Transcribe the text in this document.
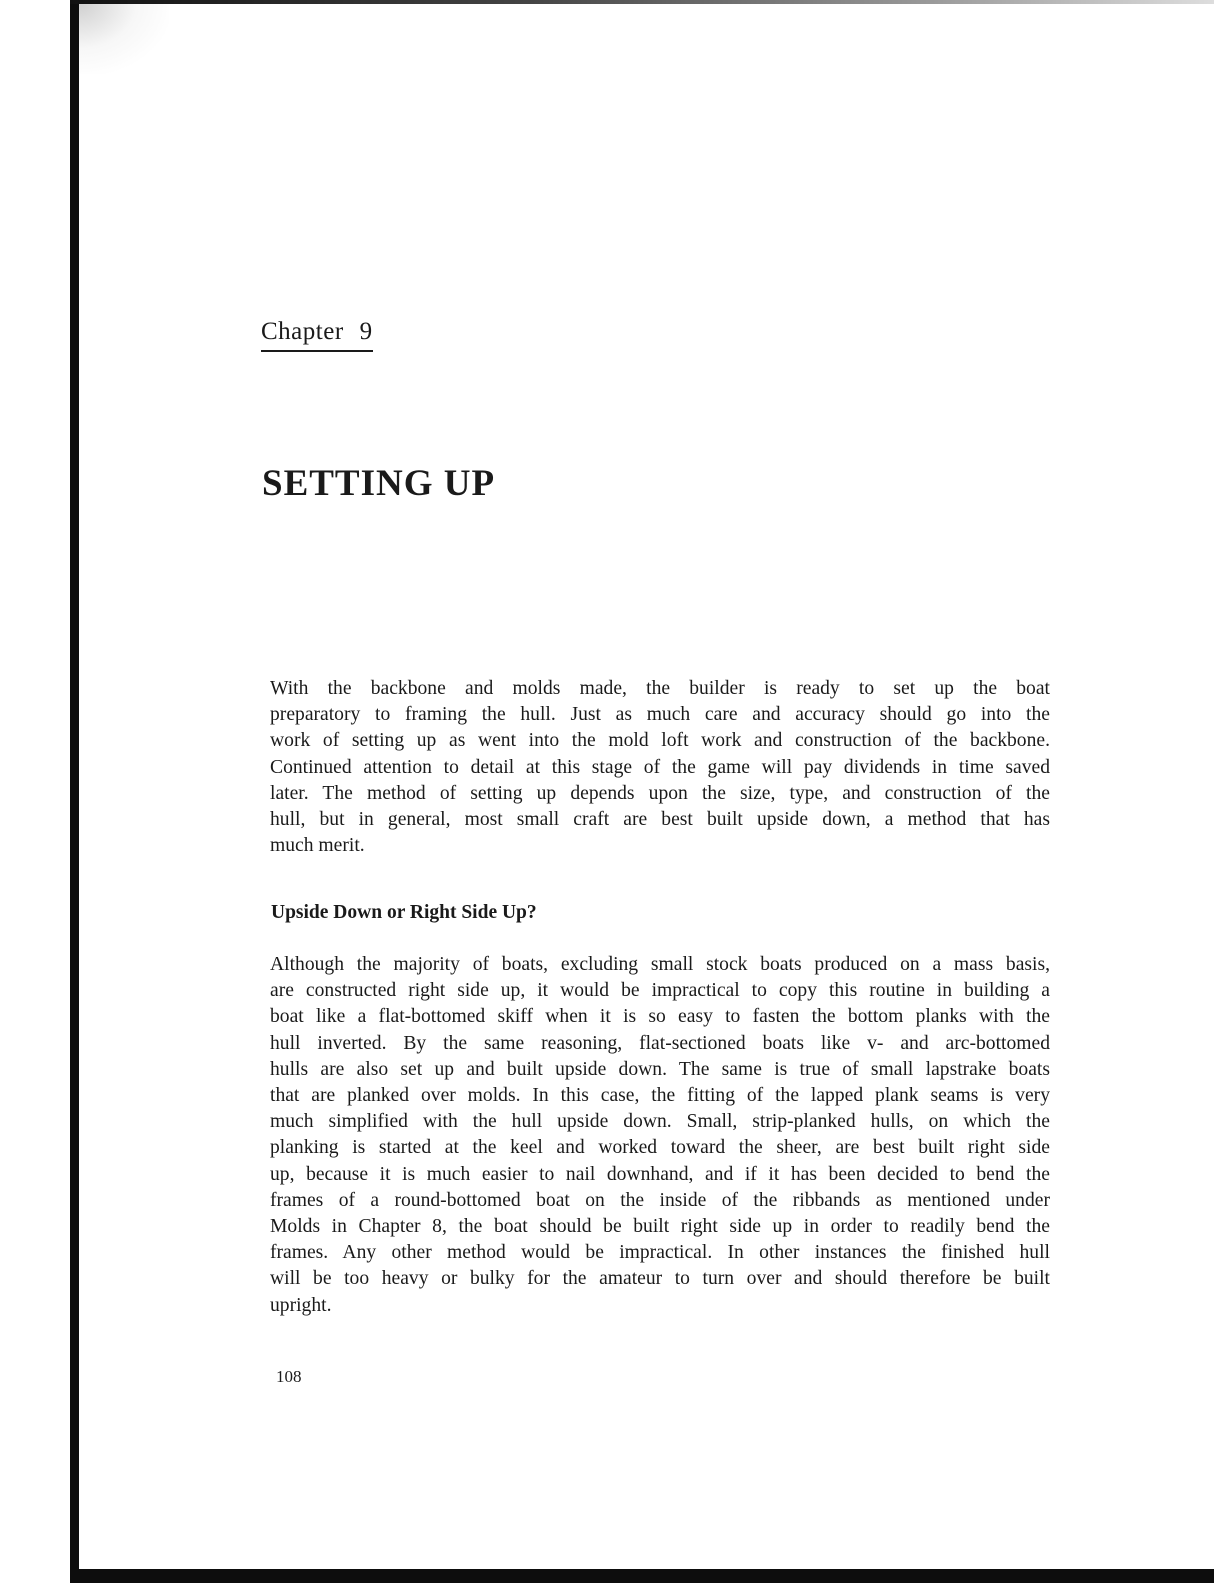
Chapter 9
SETTING UP

With the backbone and molds made, the builder is ready to set up the boat
preparatory to framing the hull. Just as much care and accuracy should go into the
work of setting up as went into the mold loft work and construction of the backbone.
Continued attention to detail at this stage of the game will pay dividends in time saved
later. The method of setting up depends upon the size, type, and construction of the
hull, but in general, most small craft are best built upside down, a method that has
much merit.

Upside Down or Right Side Up?

Although the majority of boats, excluding small stock boats produced on a mass basis,
are constructed right side up, it would be impractical to copy this routine in building a
boat like a flat-bottomed skiff when it is so easy to fasten the bottom planks with the
hull inverted. By the same reasoning, flat-sectioned boats like v- and arc-bottomed
hulls are also set up and built upside down. The same is true of small lapstrake boats
that are planked over molds. In this case, the fitting of the lapped plank seams is very
much simplified with the hull upside down. Small, strip-planked hulls, on which the
planking is started at the keel and worked toward the sheer, are best built right side
up, because it is much easier to nail downhand, and if it has been decided to bend the
frames of a round-bottomed boat on the inside of the ribbands as mentioned under
Molds in Chapter 8, the boat should be built right side up in order to readily bend the
frames. Any other method would be impractical. In other instances the finished hull
will be too heavy or bulky for the amateur to turn over and should therefore be built
upright.

108
